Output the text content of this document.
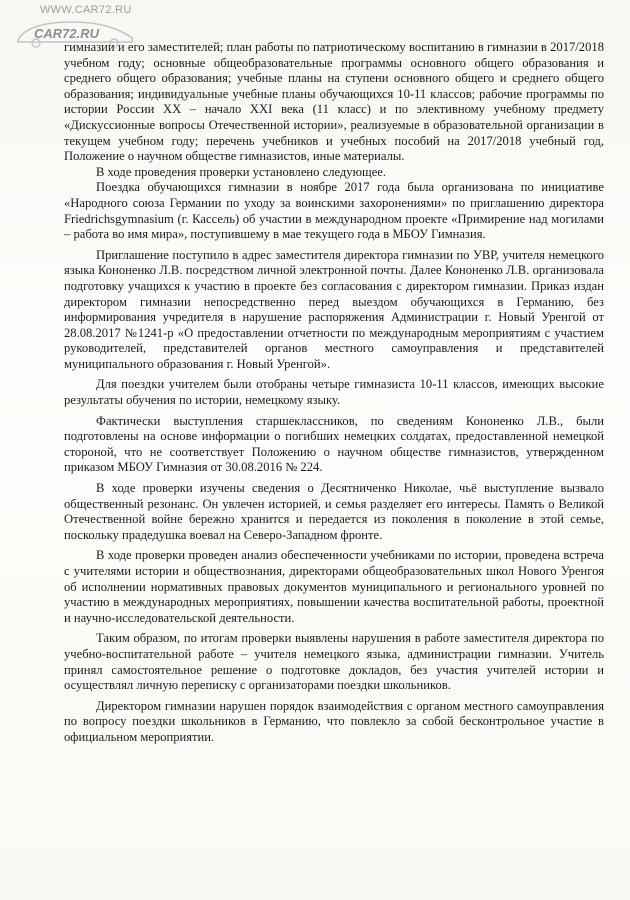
WWW.CAR72.RU
CAR72.RU

гимназии и его заместителей; план работы по патриотическому воспитанию в гимназии в 2017/2018 учебном году; основные общеобразовательные программы основного общего образования и среднего общего образования; учебные планы на ступени основного общего и среднего общего образования; индивидуальные учебные планы обучающихся 10-11 классов; рабочие программы по истории России XX – начало XXI века (11 класс) и по элективному учебному предмету «Дискуссионные вопросы Отечественной истории», реализуемые в образовательной организации в текущем учебном году; перечень учебников и учебных пособий на 2017/2018 учебный год, Положение о научном обществе гимназистов, иные материалы.

В ходе проведения проверки установлено следующее.

Поездка обучающихся гимназии в ноябре 2017 года была организована по инициативе «Народного союза Германии по уходу за воинскими захоронениями» по приглашению директора Friedrichsgymnasium (г. Кассель) об участии в международном проекте «Примирение над могилами – работа во имя мира», поступившему в мае текущего года в МБОУ Гимназия.

Приглашение поступило в адрес заместителя директора гимназии по УВР, учителя немецкого языка Кононенко Л.В. посредством личной электронной почты. Далее Кононенко Л.В. организовала подготовку учащихся к участию в проекте без согласования с директором гимназии. Приказ издан директором гимназии непосредственно перед выездом обучающихся в Германию, без информирования учредителя в нарушение распоряжения Администрации г. Новый Уренгой от 28.08.2017 №1241-р «О предоставлении отчетности по международным мероприятиям с участием руководителей, представителей органов местного самоуправления и представителей муниципального образования г. Новый Уренгой».

Для поездки учителем были отобраны четыре гимназиста 10-11 классов, имеющих высокие результаты обучения по истории, немецкому языку.

Фактически выступления старшеклассников, по сведениям Кононенко Л.В., были подготовлены на основе информации о погибших немецких солдатах, предоставленной немецкой стороной, что не соответствует Положению о научном обществе гимназистов, утвержденном приказом МБОУ Гимназия от 30.08.2016 № 224.

В ходе проверки изучены сведения о Десятниченко Николае, чьё выступление вызвало общественный резонанс. Он увлечен историей, и семья разделяет его интересы. Память о Великой Отечественной войне бережно хранится и передается из поколения в поколение в этой семье, поскольку прадедушка воевал на Северо-Западном фронте.

В ходе проверки проведен анализ обеспеченности учебниками по истории, проведена встреча с учителями истории и обществознания, директорами общеобразовательных школ Нового Уренгоя об исполнении нормативных правовых документов муниципального и регионального уровней по участию в международных мероприятиях, повышении качества воспитательной работы, проектной и научно-исследовательской деятельности.

Таким образом, по итогам проверки выявлены нарушения в работе заместителя директора по учебно-воспитательной работе – учителя немецкого языка, администрации гимназии. Учитель принял самостоятельное решение о подготовке докладов, без участия учителей истории и осуществлял личную переписку с организаторами поездки школьников.

Директором гимназии нарушен порядок взаимодействия с органом местного самоуправления по вопросу поездки школьников в Германию, что повлекло за собой бесконтрольное участие в официальном мероприятии.
